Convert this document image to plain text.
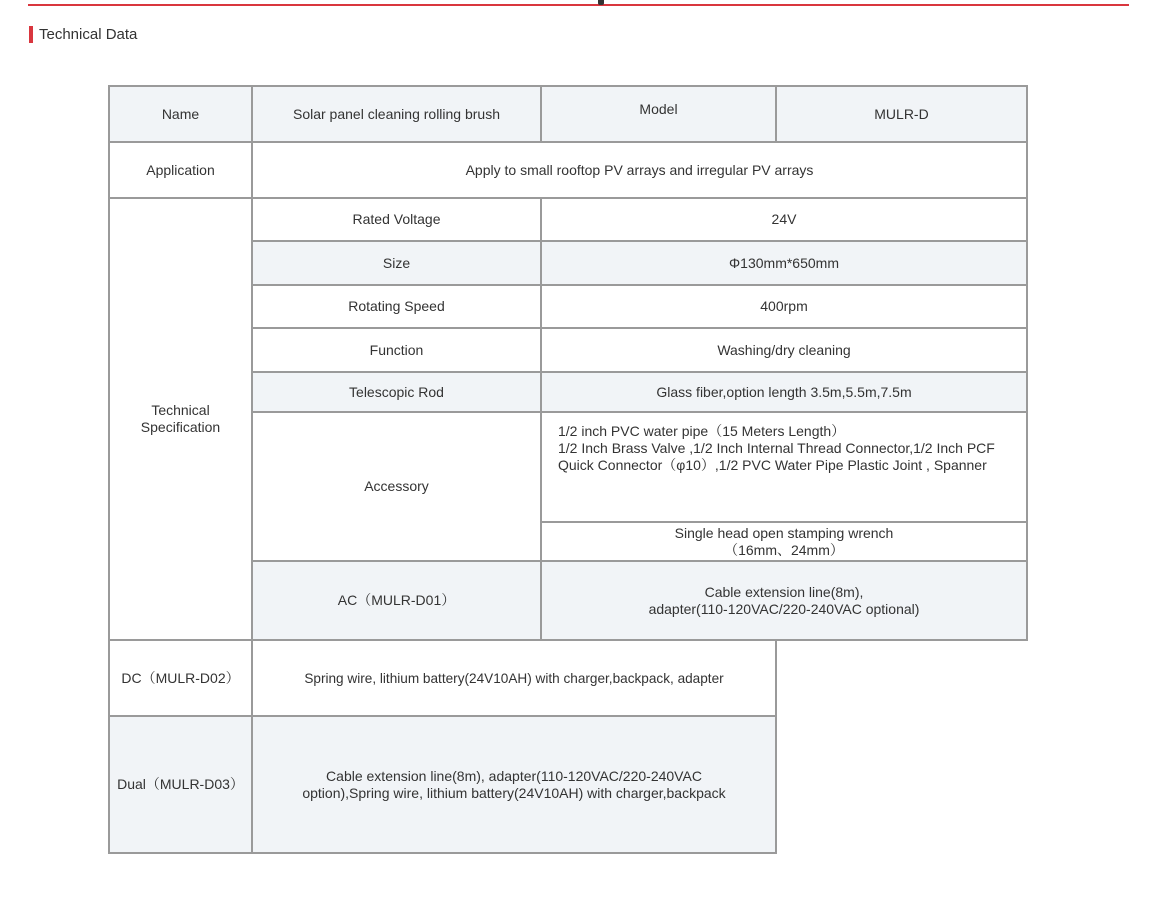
Technical Data
Name	Solar panel cleaning rolling brush	Model	MULR-D
Application	Apply to small rooftop PV arrays and irregular PV arrays		
Technical
Specification	Rated Voltage	24V	
	Size	Φ130mm*650mm	
	Rotating Speed	400rpm	
	Function	Washing/dry cleaning	
	Telescopic Rod	Glass fiber,option length 3.5m,5.5m,7.5m	
	Accessory	1/2 inch PVC water pipe（15 Meters Length）
1/2 Inch Brass Valve ,1/2 Inch Internal Thread Connector,1/2 Inch PCF Quick Connector（φ10）,1/2 PVC Water Pipe Plastic Joint , Spanner	
		Single head open stamping wrench
（16mm、24mm）	
	AC（MULR-D01）	Cable extension line(8m),
adapter(110-120VAC/220-240VAC optional)	
DC（MULR-D02）	Spring wire, lithium battery(24V10AH) with charger,backpack, adapter		
Dual（MULR-D03）	Cable extension line(8m), adapter(110-120VAC/220-240VAC
option),Spring wire, lithium battery(24V10AH) with charger,backpack		
